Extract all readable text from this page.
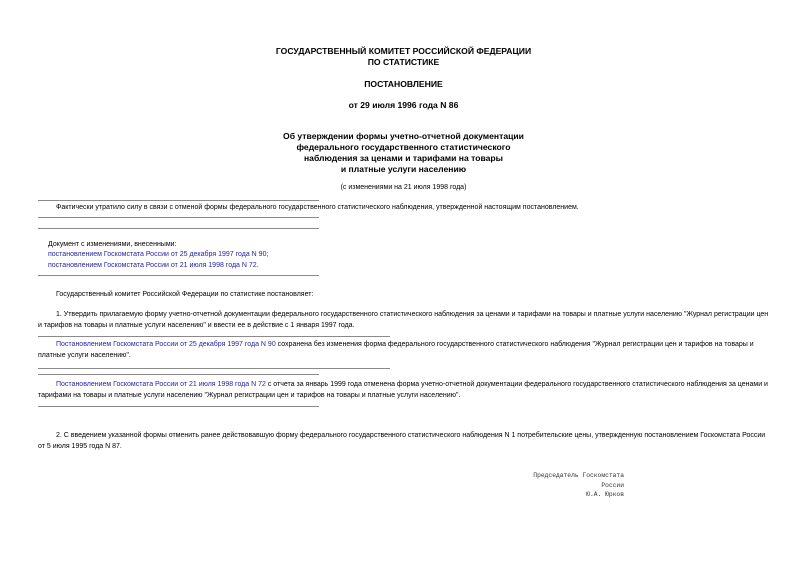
ГОСУДАРСТВЕННЫЙ КОМИТЕТ РОССИЙСКОЙ ФЕДЕРАЦИИ
ПО СТАТИСТИКЕ
ПОСТАНОВЛЕНИЕ
от 29 июля 1996 года N 86
Об утверждении формы учетно-отчетной документации
федерального государственного статистического
наблюдения за ценами и тарифами на товары
и платные услуги населению
(с изменениями на 21 июля 1998 года)
Фактически утратило силу в связи с отменой формы федерального государственного статистического наблюдения, утвержденной настоящим постановлением.
Документ с изменениями, внесенными:
постановлением Госкомстата России от 25 декабря 1997 года N 90;
постановлением Госкомстата России от 21 июля 1998 года N 72.
Государственный комитет Российской Федерации по статистике постановляет:
1. Утвердить прилагаемую форму учетно-отчетной документации федерального государственного статистического наблюдения за ценами и тарифами на товары и платные услуги населению "Журнал регистрации цен и тарифов на товары и платные услуги населению" и ввести ее в действие с 1 января 1997 года.

Постановлением Госкомстата России от 25 декабря 1997 года N 90 сохранена без изменения форма федерального государственного статистического наблюдения "Журнал регистрации цен и тарифов на товары и платные услуги населению".

Постановлением Госкомстата России от 21 июля 1998 года N 72 с отчета за январь 1999 года отменена форма учетно-отчетной документации федерального государственного статистического наблюдения за ценами и тарифами на товары и платные услуги населению "Журнал регистрации цен и тарифов на товары и платные услуги населению".

2. С введением указанной формы отменить ранее действовавшую форму федерального государственного статистического наблюдения N 1 потребительские цены, утвержденную постановлением Госкомстата России от 5 июля 1995 года N 87.
Председатель Госкомстата
России
Ю.А. Юрков
